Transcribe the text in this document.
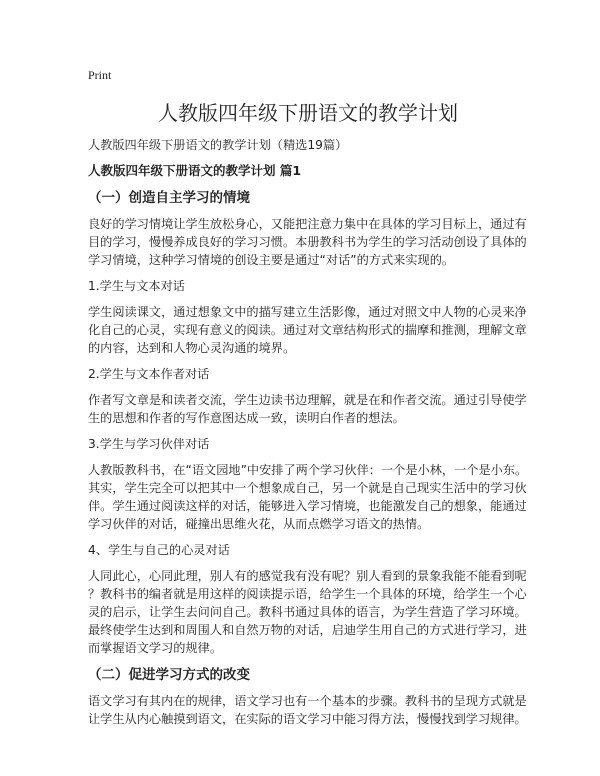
Print
人教版四年级下册语文的教学计划
人教版四年级下册语文的教学计划（精选19篇）
人教版四年级下册语文的教学计划 篇1
（一）创造自主学习的情境

良好的学习情境让学生放松身心，又能把注意力集中在具体的学习目标上，通过有
目的学习，慢慢养成良好的学习习惯。本册教科书为学生的学习活动创设了具体的
学习情境，这种学习情境的创设主要是通过“对话”的方式来实现的。

1.学生与文本对话

学生阅读课文，通过想象文中的描写建立生活影像，通过对照文中人物的心灵来净
化自己的心灵，实现有意义的阅读。通过对文章结构形式的揣摩和推测，理解文章
的内容，达到和人物心灵沟通的境界。

2.学生与文本作者对话

作者写文章是和读者交流，学生边读书边理解，就是在和作者交流。通过引导使学
生的思想和作者的写作意图达成一致，读明白作者的想法。

3.学生与学习伙伴对话

人教版教科书，在“语文园地”中安排了两个学习伙伴：一个是小林，一个是小东。
其实，学生完全可以把其中一个想象成自己，另一个就是自己现实生活中的学习伙
伴。学生通过阅读这样的对话，能够进入学习情境，也能激发自己的想象，能通过
学习伙伴的对话，碰撞出思维火花，从而点燃学习语文的热情。

4、学生与自己的心灵对话

人同此心，心同此理，别人有的感觉我有没有呢？别人看到的景象我能不能看到呢
？教科书的编者就是用这样的阅读提示语，给学生一个具体的环境，给学生一个心
灵的启示，让学生去问问自己。教科书通过具体的语言，为学生营造了学习环境。
最终使学生达到和周围人和自然万物的对话，启迪学生用自己的方式进行学习，进
而掌握语文学习的规律。

（二）促进学习方式的改变

语文学习有其内在的规律，语文学习也有一个基本的步骤。教科书的呈现方式就是
让学生从内心触摸到语文，在实际的语文学习中能习得方法，慢慢找到学习规律。
